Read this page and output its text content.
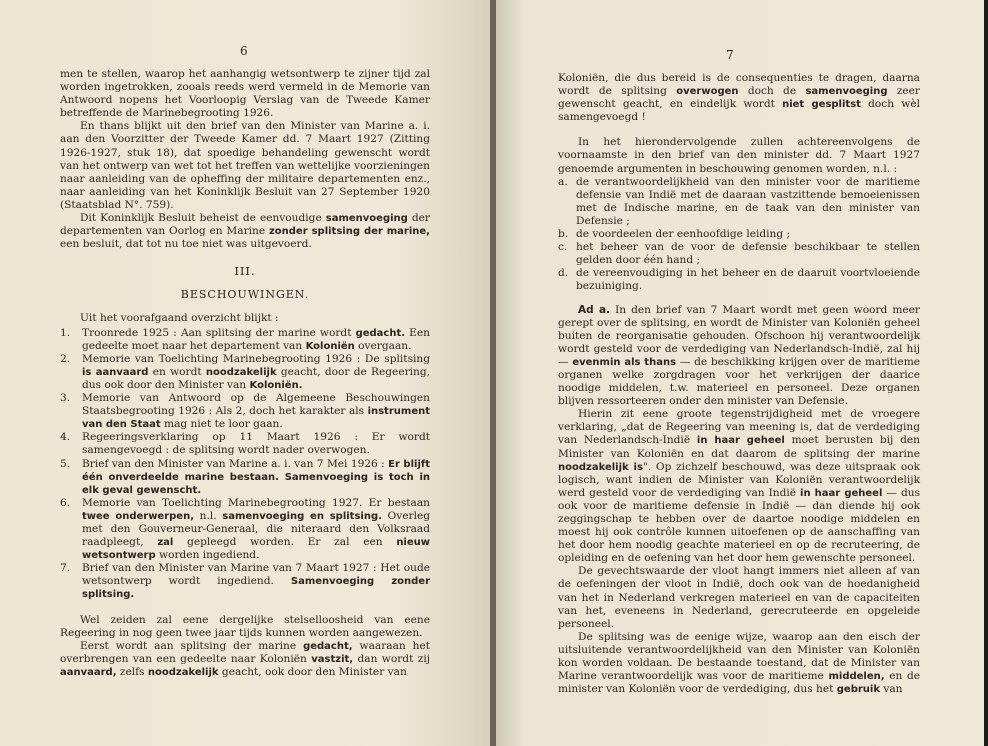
6

men te stellen, waarop het aanhangig wetsontwerp te zijner tijd zal worden ingetrokken, zooals reeds werd vermeld in de Memorie van Antwoord nopens het Voorloopig Verslag van de Tweede Kamer betreffende de Marinebegrooting 1926.

En thans blijkt uit den brief van den Minister van Marine a. i. aan den Voorzitter der Tweede Kamer dd. 7 Maart 1927 (Zitting 1926-1927, stuk 18), dat spoedige behandeling gewenscht wordt van het ontwerp van wet tot het treffen van wettelijke voorzieningen naar aanleiding van de opheffing der militaire departementen enz., naar aanleiding van het Koninklijk Besluit van 27 September 1920 (Staatsblad N°. 759).

Dit Koninklijk Besluit beheist de eenvoudige samenvoeging der departementen van Oorlog en Marine zonder splitsing der marine, een besluit, dat tot nu toe niet was uitgevoerd.

III.
BESCHOUWINGEN.

Uit het voorafgaand overzicht blijkt :

1.	Troonrede 1925 : Aan splitsing der marine wordt gedacht. Een gedeelte moet naar het departement van Koloniën overgaan.
2.	Memorie van Toelichting Marinebegrooting 1926 : De splitsing is aanvaard en wordt noodzakelijk geacht, door de Regeering, dus ook door den Minister van Koloniën.
3.	Memorie van Antwoord op de Algemeene Beschouwingen Staatsbegrooting 1926 : Als 2, doch het karakter als instrument van den Staat mag niet te loor gaan.
4.	Regeeringsverklaring op 11 Maart 1926 : Er wordt samengevoegd : de splitsing wordt nader overwogen.
5.	Brief van den Minister van Marine a. i. van 7 Mei 1926 : Er blijft één onverdeelde marine bestaan. Samenvoeging is toch in elk geval gewenscht.
6.	Memorie van Toelichting Marinebegrooting 1927. Er bestaan twee onderwerpen, n.l. samenvoeging en splitsing. Overleg met den Gouverneur-Generaal, die niteraard den Volksraad raadpleegt, zal gepleegd worden. Er zal een nieuw wetsontwerp worden ingediend.
7.	Brief van den Minister van Marine van 7 Maart 1927 : Het oude wetsontwerp wordt ingediend. Samenvoeging zonder splitsing.

Wel zeiden zal eene dergelijke stelselloosheid van eene Regeering in nog geen twee jaar tijds kunnen worden aangewezen.

Eerst wordt aan splitsing der marine gedacht, waaraan het overbrengen van een gedeelte naar Koloniën vastzit, dan wordt zij aanvaard, zelfs noodzakelijk geacht, ook door den Minister van

7

Koloniën, die dus bereid is de consequenties te dragen, daarna wordt de splitsing overwogen doch de samenvoeging zeer gewenscht geacht, en eindelijk wordt niet gesplitst doch wèl samengevoegd !

In het hierondervolgende zullen achtereenvolgens de voornaamste in den brief van den minister dd. 7 Maart 1927 genoemde argumenten in beschouwing genomen worden, n.l. :

a. de verantwoordelijkheid van den minister voor de maritieme defensie van Indië met de daaraan vastzittende bemoeienissen met de Indische marine, en de taak van den minister van Defensie ;
b. de voordeelen der eenhoofdige leiding ;
c. het beheer van de voor de defensie beschikbaar te stellen gelden door één hand ;
d. de vereenvoudiging in het beheer en de daaruit voortvloeiende bezuiniging.

Ad a. In den brief van 7 Maart wordt met geen woord meer gerept over de splitsing, en wordt de Minister van Koloniën geheel buiten de reorganisatie gehouden. Ofschoon hij verantwoordelijk wordt gesteld voor de verdediging van Nederlandsch-Indië, zal hij — evenmin als thans — de beschikking krijgen over de maritieme organen welke zorgdragen voor het verkrijgen der daarice noodige middelen, t.w. materieel en personeel. Deze organen blijven ressorteeren onder den minister van Defensie.

Hierin zit eene groote tegenstrijdigheid met de vroegere verklaring, „dat de Regeering van meening is, dat de verdediging van Nederlandsch-Indië in haar geheel moet berusten bij den Minister van Koloniën en dat daarom de splitsing der marine noodzakelijk is". Op zichzelf beschouwd, was deze uitspraak ook logisch, want indien de Minister van Koloniën verantwoordelijk werd gesteld voor de verdediging van Indië in haar geheel — dus ook voor de maritieme defensie in Indië — dan diende hij ook zeggingschap te hebben over de daartoe noodige middelen en moest hij ook contrôle kunnen uitoefenen op de aanschaffing van het door hem noodig geachte materieel en op de recruteering, de opleiding en de oefening van het door hem gewenschte personeel.

De gevechtswaarde der vloot hangt immers niet alleen af van de oefeningen der vloot in Indië, doch ook van de hoedanigheid van het in Nederland verkregen materieel en van de capaciteiten van het, eveneens in Nederland, gerecruteerde en opgeleide personeel.

De splitsing was de eenige wijze, waarop aan den eisch der uitsluitende verantwoordelijkheid van den Minister van Koloniën kon worden voldaan. De bestaande toestand, dat de Minister van Marine verantwoordelijk was voor de maritieme middelen, en de minister van Koloniën voor de verdediging, dus het gebruik van
